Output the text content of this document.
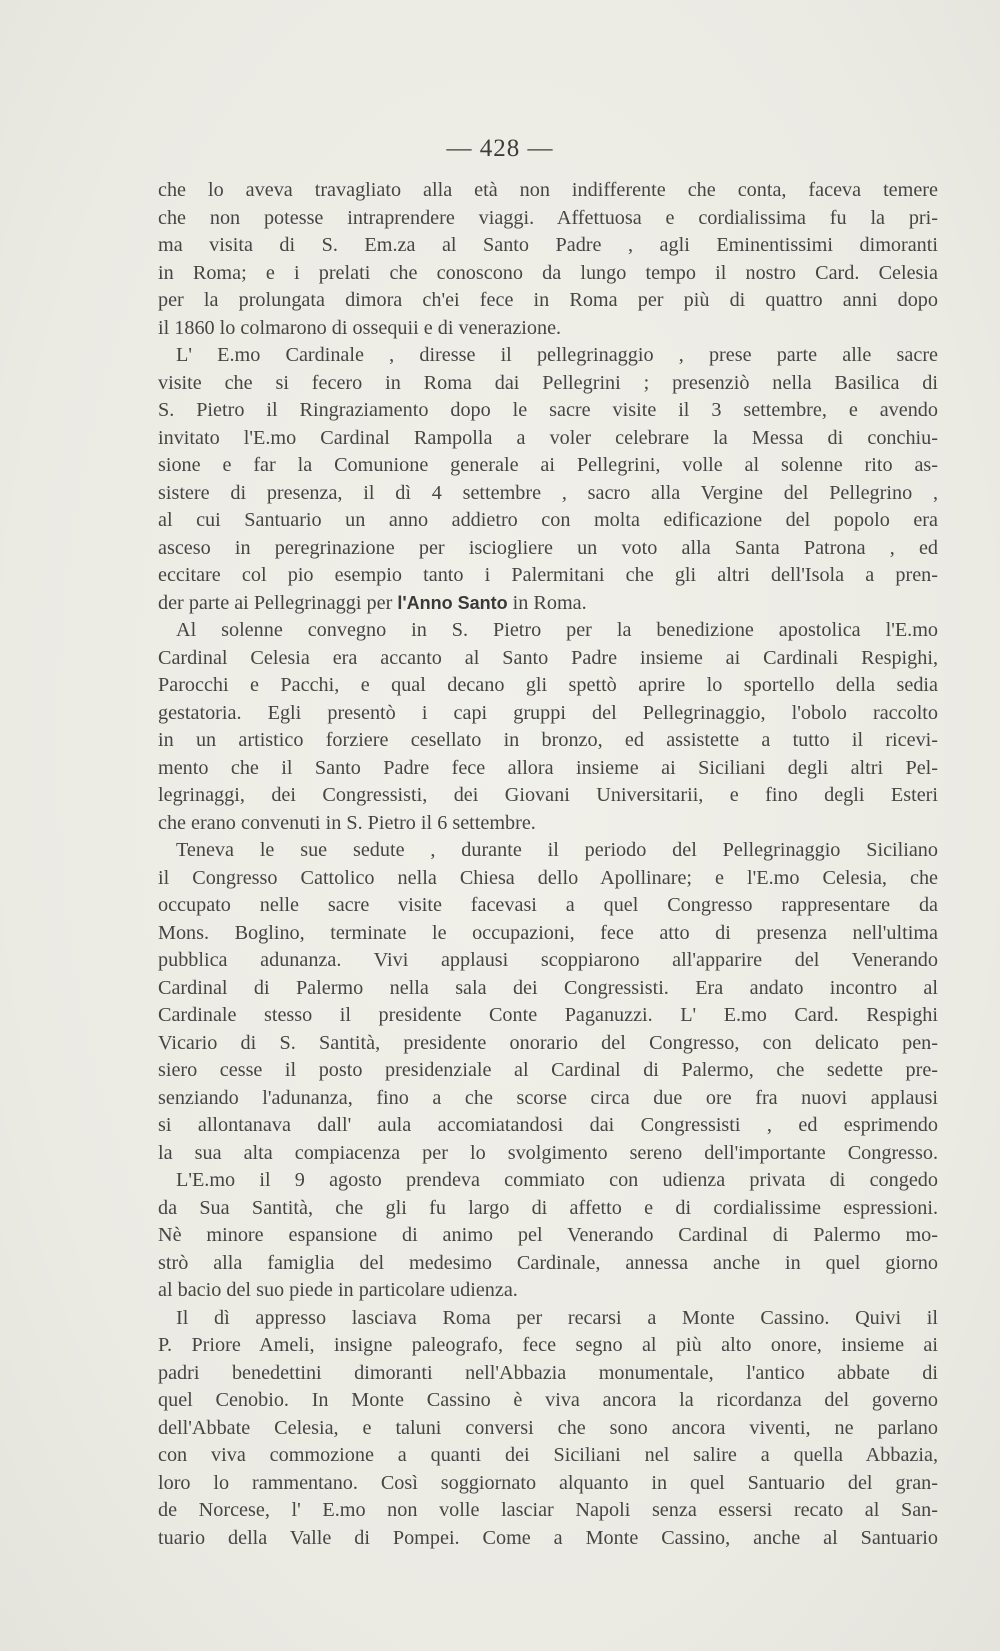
— 428 —
che lo aveva travagliato alla età non indifferente che conta, faceva temere
che non potesse intraprendere viaggi. Affettuosa e cordialissima fu la pri-
ma visita di S. Em.za al Santo Padre , agli Eminentissimi dimoranti
in Roma; e i prelati che conoscono da lungo tempo il nostro Card. Celesia
per la prolungata dimora ch'ei fece in Roma per più di quattro anni dopo
il 1860 lo colmarono di ossequii e di venerazione.
L' E.mo Cardinale , diresse il pellegrinaggio , prese parte alle sacre
visite che si fecero in Roma dai Pellegrini ; presenziò nella Basilica di
S. Pietro il Ringraziamento dopo le sacre visite il 3 settembre, e avendo
invitato l'E.mo Cardinal Rampolla a voler celebrare la Messa di conchiu-
sione e far la Comunione generale ai Pellegrini, volle al solenne rito as-
sistere di presenza, il dì 4 settembre , sacro alla Vergine del Pellegrino ,
al cui Santuario un anno addietro con molta edificazione del popolo era
asceso in peregrinazione per isciogliere un voto alla Santa Patrona , ed
eccitare col pio esempio tanto i Palermitani che gli altri dell'Isola a pren-
der parte ai Pellegrinaggi per l'Anno Santo in Roma.
Al solenne convegno in S. Pietro per la benedizione apostolica l'E.mo
Cardinal Celesia era accanto al Santo Padre insieme ai Cardinali Respighi,
Parocchi e Pacchi, e qual decano gli spettò aprire lo sportello della sedia
gestatoria. Egli presentò i capi gruppi del Pellegrinaggio, l'obolo raccolto
in un artistico forziere cesellato in bronzo, ed assistette a tutto il ricevi-
mento che il Santo Padre fece allora insieme ai Siciliani degli altri Pel-
legrinaggi, dei Congressisti, dei Giovani Universitarii, e fino degli Esteri
che erano convenuti in S. Pietro il 6 settembre.
Teneva le sue sedute , durante il periodo del Pellegrinaggio Siciliano
il Congresso Cattolico nella Chiesa dello Apollinare; e l'E.mo Celesia, che
occupato nelle sacre visite facevasi a quel Congresso rappresentare da
Mons. Boglino, terminate le occupazioni, fece atto di presenza nell'ultima
pubblica adunanza. Vivi applausi scoppiarono all'apparire del Venerando
Cardinal di Palermo nella sala dei Congressisti. Era andato incontro al
Cardinale stesso il presidente Conte Paganuzzi. L' E.mo Card. Respighi
Vicario di S. Santità, presidente onorario del Congresso, con delicato pen-
siero cesse il posto presidenziale al Cardinal di Palermo, che sedette pre-
senziando l'adunanza, fino a che scorse circa due ore fra nuovi applausi
si allontanava dall' aula accomiatandosi dai Congressisti , ed esprimendo
la sua alta compiacenza per lo svolgimento sereno dell'importante Congresso.
L'E.mo il 9 agosto prendeva commiato con udienza privata di congedo
da Sua Santità, che gli fu largo di affetto e di cordialissime espressioni.
Nè minore espansione di animo pel Venerando Cardinal di Palermo mo-
strò alla famiglia del medesimo Cardinale, annessa anche in quel giorno
al bacio del suo piede in particolare udienza.
Il dì appresso lasciava Roma per recarsi a Monte Cassino. Quivi il
P. Priore Ameli, insigne paleografo, fece segno al più alto onore, insieme ai
padri benedettini dimoranti nell'Abbazia monumentale, l'antico abbate di
quel Cenobio. In Monte Cassino è viva ancora la ricordanza del governo
dell'Abbate Celesia, e taluni conversi che sono ancora viventi, ne parlano
con viva commozione a quanti dei Siciliani nel salire a quella Abbazia,
loro lo rammentano. Così soggiornato alquanto in quel Santuario del gran-
de Norcese, l' E.mo non volle lasciar Napoli senza essersi recato al San-
tuario della Valle di Pompei. Come a Monte Cassino, anche al Santuario
